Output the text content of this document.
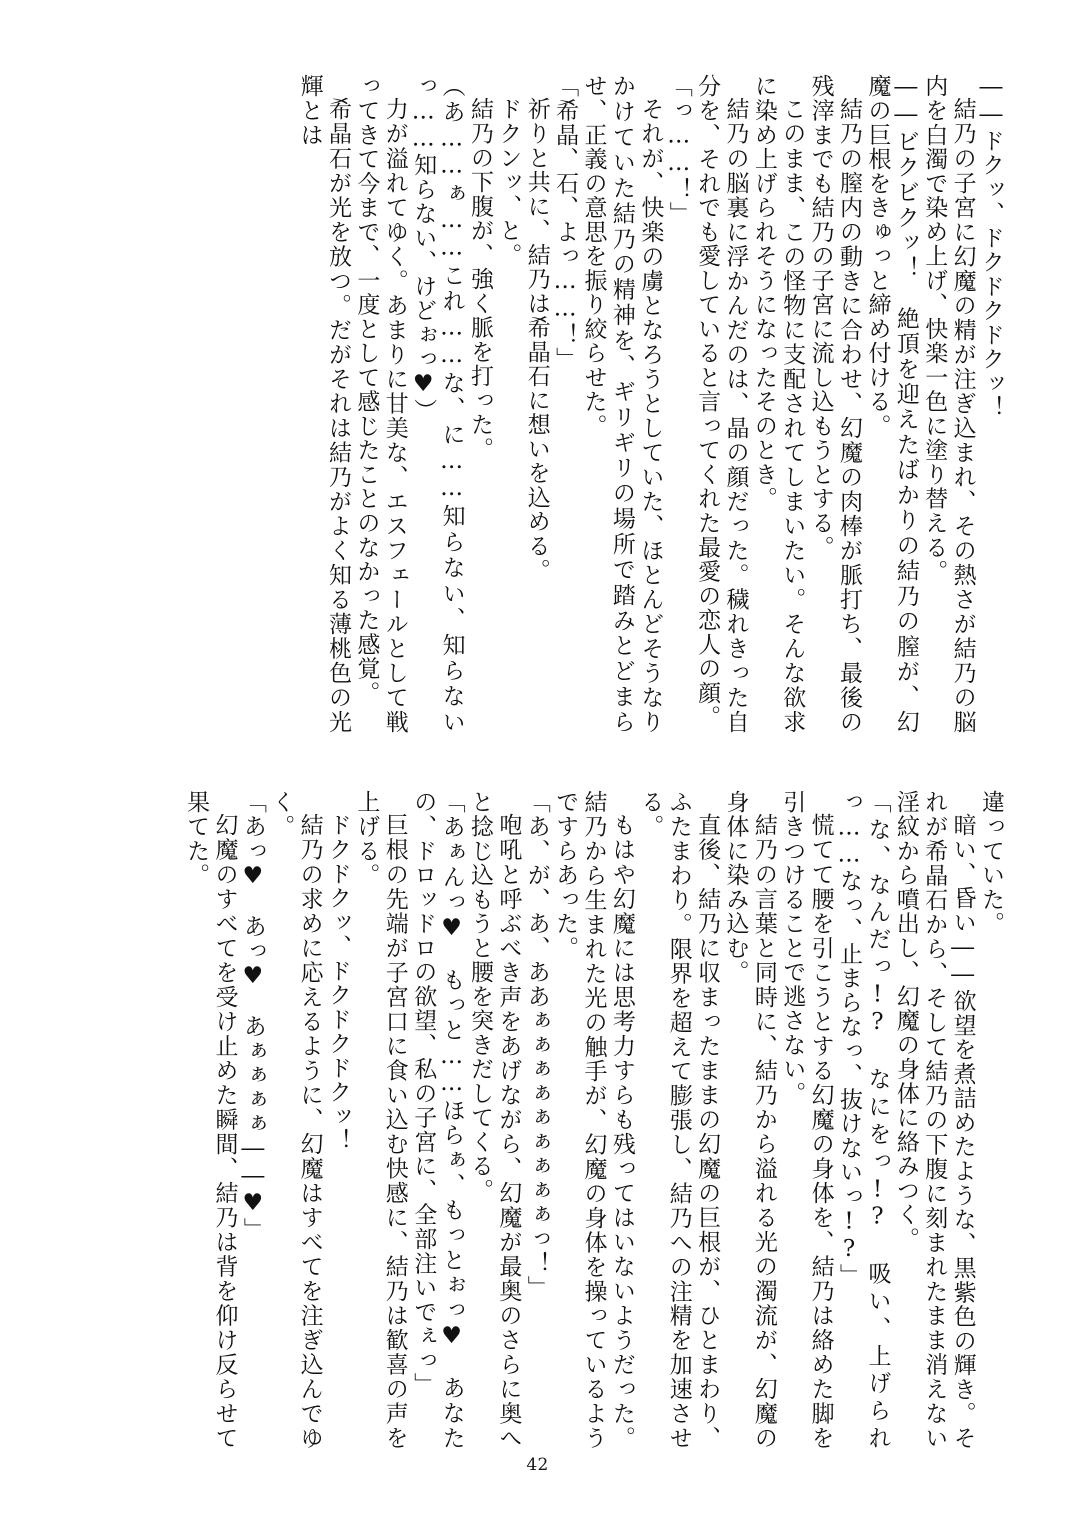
――ドクッ、ドクドクドクッ！

結乃の子宮に幻魔の精が注ぎ込まれ、その熱さが結乃の脳内を白濁で染め上げ、快楽一色に塗り替える。

――ビクビクッ！　絶頂を迎えたばかりの結乃の膣が、幻魔の巨根をきゅっと締め付ける。

結乃の膣内の動きに合わせ、幻魔の肉棒が脈打ち、最後の残滓までも結乃の子宮に流し込もうとする。

このまま、この怪物に支配されてしまいたい。そんな欲求に染め上げられそうになったそのとき。

結乃の脳裏に浮かんだのは、晶の顔だった。穢れきった自分を、それでも愛していると言ってくれた最愛の恋人の顔。

「っ……！」

それが、快楽の虜となろうとしていた、ほとんどそうなりかけていた結乃の精神を、ギリギリの場所で踏みとどまらせ、正義の意思を振り絞らせた。

「希晶、石、よっ……！」

祈りと共に、結乃は希晶石に想いを込める。

ドクンッ、と。

結乃の下腹が、強く脈を打った。

（あ……ぁ……これ……な、に……知らない、知らないっ……知らない、けどぉっ♥）

力が溢れてゆく。あまりに甘美な、エスフェールとして戦ってきて今まで、一度として感じたことのなかった感覚。

希晶石が光を放つ。だがそれは結乃がよく知る薄桃色の光輝とは

違っていた。

暗い、昏い――欲望を煮詰めたような、黒紫色の輝き。それが希晶石から、そして結乃の下腹に刻まれたまま消えない淫紋から噴出し、幻魔の身体に絡みつく。

「な、なんだっ!?　なにをっ!?　吸い、上げられっ……なっ、止まらなっ、抜けないっ!?」

慌てて腰を引こうとする幻魔の身体を、結乃は絡めた脚を引きつけることで逃さない。

結乃の言葉と同時に、結乃から溢れる光の濁流が、幻魔の身体に染み込む。

直後、結乃に収まったままの幻魔の巨根が、ひとまわり、ふたまわり。限界を超えて膨張し、結乃への注精を加速させる。

もはや幻魔には思考力すらも残ってはいないようだった。結乃から生まれた光の触手が、幻魔の身体を操っているようですらあった。

「あ、が、あ、ああぁぁぁぁぁぁぁぁぁっ！」

咆吼と呼ぶべき声をあげながら、幻魔が最奥のさらに奥へと捻じ込もうと腰を突きだしてくる。

「あぁんっ♥　もっと……ほらぁ、もっとぉっ♥　あなたの、ドロッドロの欲望、私の子宮に、全部注いでぇっ」

巨根の先端が子宮口に食い込む快感に、結乃は歓喜の声を上げる。

ドクドクッ、ドクドクドクッ！

結乃の求めに応えるように、幻魔はすべてを注ぎ込んでゆく。

「あっ♥　あっ♥　あぁぁぁぁ――♥」

幻魔のすべてを受け止めた瞬間、結乃は背を仰け反らせて果てた。

42
